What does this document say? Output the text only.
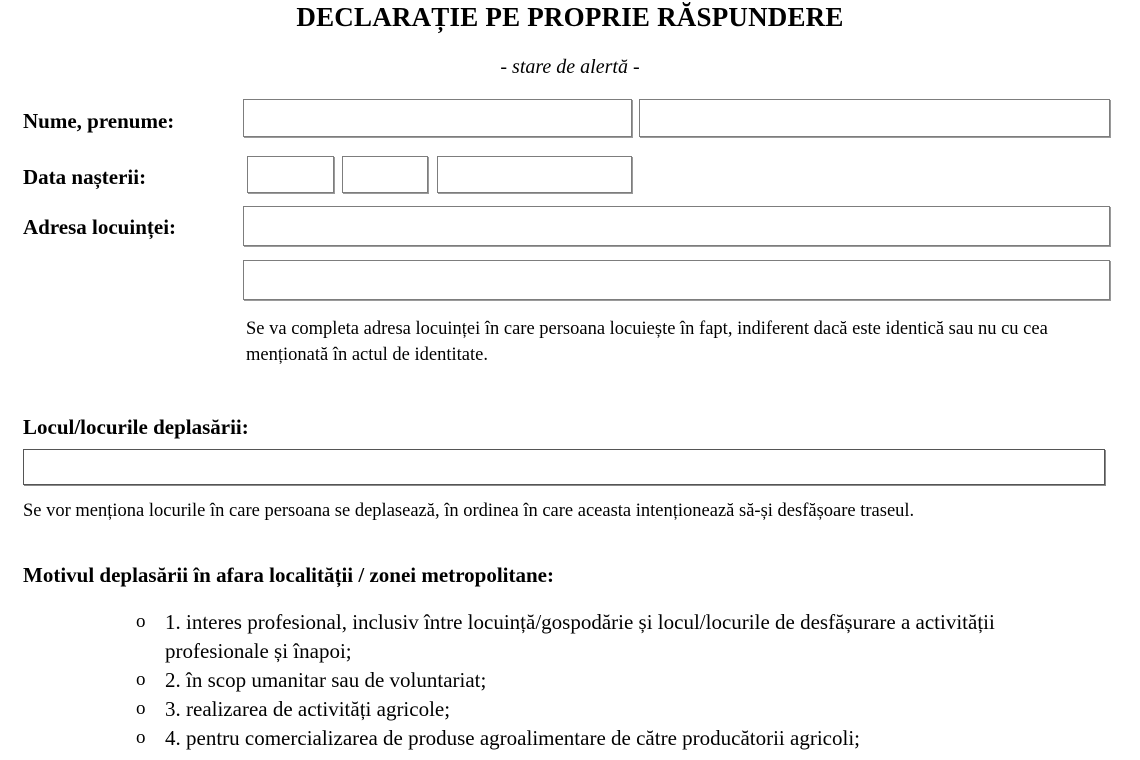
DECLARAȚIE PE PROPRIE RĂSPUNDERE
- stare de alertă -
Nume, prenume:
Data nașterii:
Adresa locuinței:
Se va completa adresa locuinței în care persoana locuiește în fapt, indiferent dacă este identică sau nu cu cea menționată în actul de identitate.
Locul/locurile deplasării:
Se vor menționa locurile în care persoana se deplasează, în ordinea în care aceasta intenționează să-și desfășoare traseul.
Motivul deplasării în afara localității / zonei metropolitane:
o 1. interes profesional, inclusiv între locuință/gospodărie și locul/locurile de desfășurare a activității profesionale și înapoi;
o 2. în scop umanitar sau de voluntariat;
o 3. realizarea de activități agricole;
o 4. pentru comercializarea de produse agroalimentare de către producătorii agricoli;
